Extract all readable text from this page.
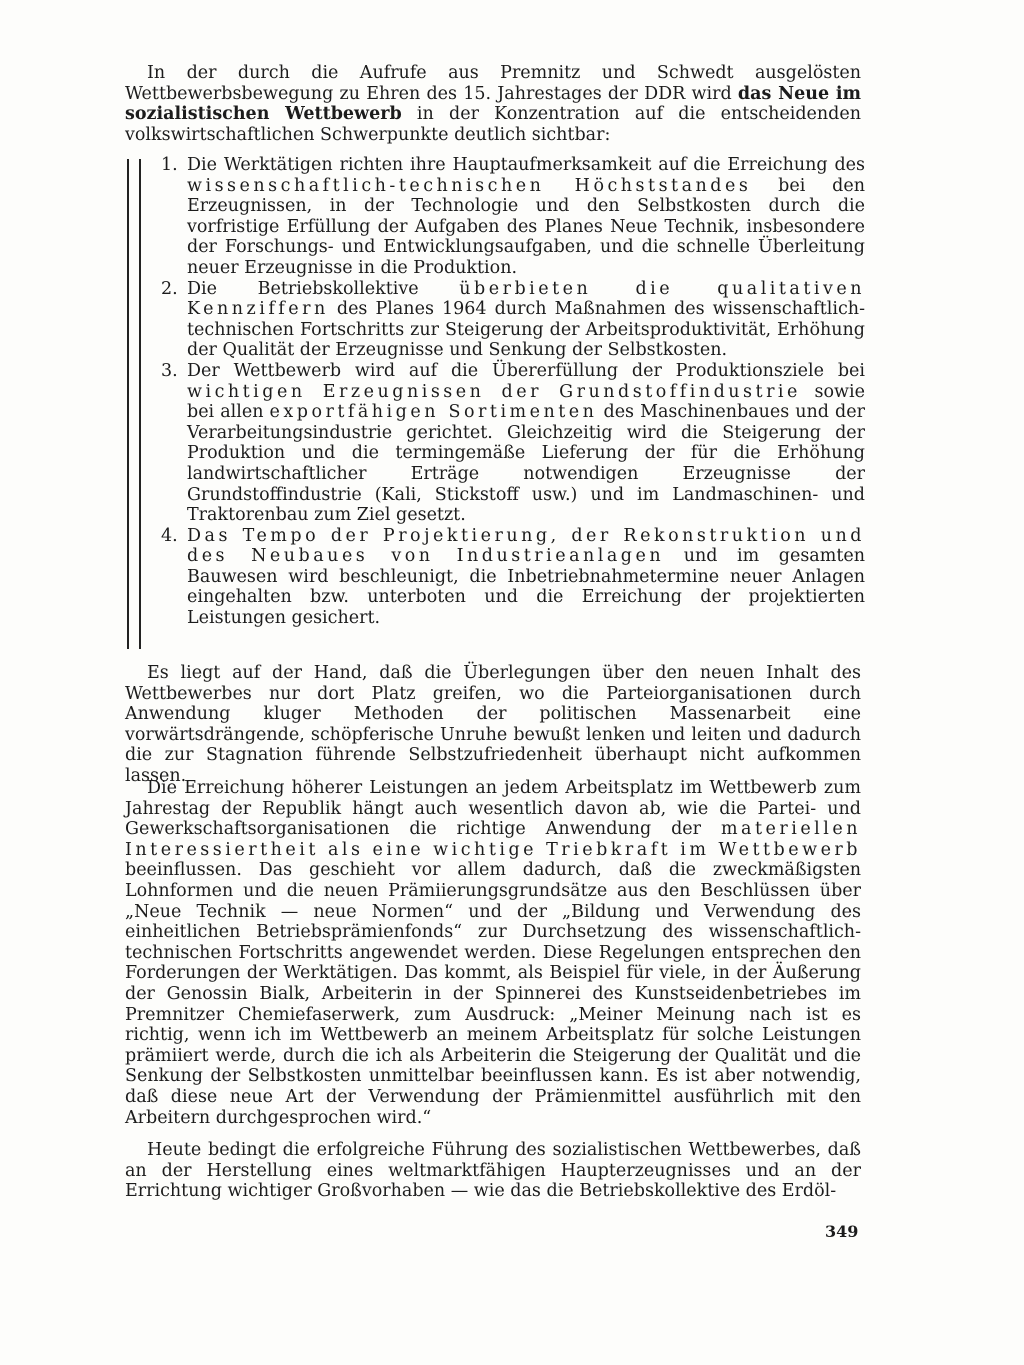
In der durch die Aufrufe aus Premnitz und Schwedt ausgelösten Wettbewerbsbewegung zu Ehren des 15. Jahrestages der DDR wird das Neue im sozialistischen Wettbewerb in der Konzentration auf die entscheidenden volkswirtschaftlichen Schwerpunkte deutlich sichtbar:

1. Die Werktätigen richten ihre Hauptaufmerksamkeit auf die Erreichung des wissenschaftlich-technischen Höchststandes bei den Erzeugnissen, in der Technologie und den Selbstkosten durch die vorfristige Erfüllung der Aufgaben des Planes Neue Technik, insbesondere der Forschungs- und Entwicklungsaufgaben, und die schnelle Überleitung neuer Erzeugnisse in die Produktion.

2. Die Betriebskollektive überbieten die qualitativen Kennziffern des Planes 1964 durch Maßnahmen des wissenschaftlich-technischen Fortschritts zur Steigerung der Arbeitsproduktivität, Erhöhung der Qualität der Erzeugnisse und Senkung der Selbstkosten.

3. Der Wettbewerb wird auf die Übererfüllung der Produktionsziele bei wichtigen Erzeugnissen der Grundstoffindustrie sowie bei allen exportfähigen Sortimenten des Maschinenbaues und der Verarbeitungsindustrie gerichtet. Gleichzeitig wird die Steigerung der Produktion und die termingemäße Lieferung der für die Erhöhung landwirtschaftlicher Erträge notwendigen Erzeugnisse der Grundstoffindustrie (Kali, Stickstoff usw.) und im Landmaschinen- und Traktorenbau zum Ziel gesetzt.

4. Das Tempo der Projektierung, der Rekonstruktion und des Neubaues von Industrieanlagen und im gesamten Bauwesen wird beschleunigt, die Inbetriebnahmetermine neuer Anlagen eingehalten bzw. unterboten und die Erreichung der projektierten Leistungen gesichert.

Es liegt auf der Hand, daß die Überlegungen über den neuen Inhalt des Wettbewerbes nur dort Platz greifen, wo die Parteiorganisationen durch Anwendung kluger Methoden der politischen Massenarbeit eine vorwärtsdrängende, schöpferische Unruhe bewußt lenken und leiten und dadurch die zur Stagnation führende Selbstzufriedenheit überhaupt nicht aufkommen lassen.

Die Erreichung höherer Leistungen an jedem Arbeitsplatz im Wettbewerb zum Jahrestag der Republik hängt auch wesentlich davon ab, wie die Partei- und Gewerkschaftsorganisationen die richtige Anwendung der materiellen Interessiertheit als eine wichtige Triebkraft im Wettbewerb beeinflussen. Das geschieht vor allem dadurch, daß die zweckmäßigsten Lohnformen und die neuen Prämiierungsgrundsätze aus den Beschlüssen über „Neue Technik — neue Normen“ und der „Bildung und Verwendung des einheitlichen Betriebsprämienfonds“ zur Durchsetzung des wissenschaftlich-technischen Fortschritts angewendet werden. Diese Regelungen entsprechen den Forderungen der Werktätigen. Das kommt, als Beispiel für viele, in der Äußerung der Genossin Bialk, Arbeiterin in der Spinnerei des Kunstseidenbetriebes im Premnitzer Chemiefaserwerk, zum Ausdruck: „Meiner Meinung nach ist es richtig, wenn ich im Wettbewerb an meinem Arbeitsplatz für solche Leistungen prämiiert werde, durch die ich als Arbeiterin die Steigerung der Qualität und die Senkung der Selbstkosten unmittelbar beeinflussen kann. Es ist aber notwendig, daß diese neue Art der Verwendung der Prämienmittel ausführlich mit den Arbeitern durchgesprochen wird.“

Heute bedingt die erfolgreiche Führung des sozialistischen Wettbewerbes, daß an der Herstellung eines weltmarktfähigen Haupterzeugnisses und an der Errichtung wichtiger Großvorhaben — wie das die Betriebskollektive des Erdöl-

349
